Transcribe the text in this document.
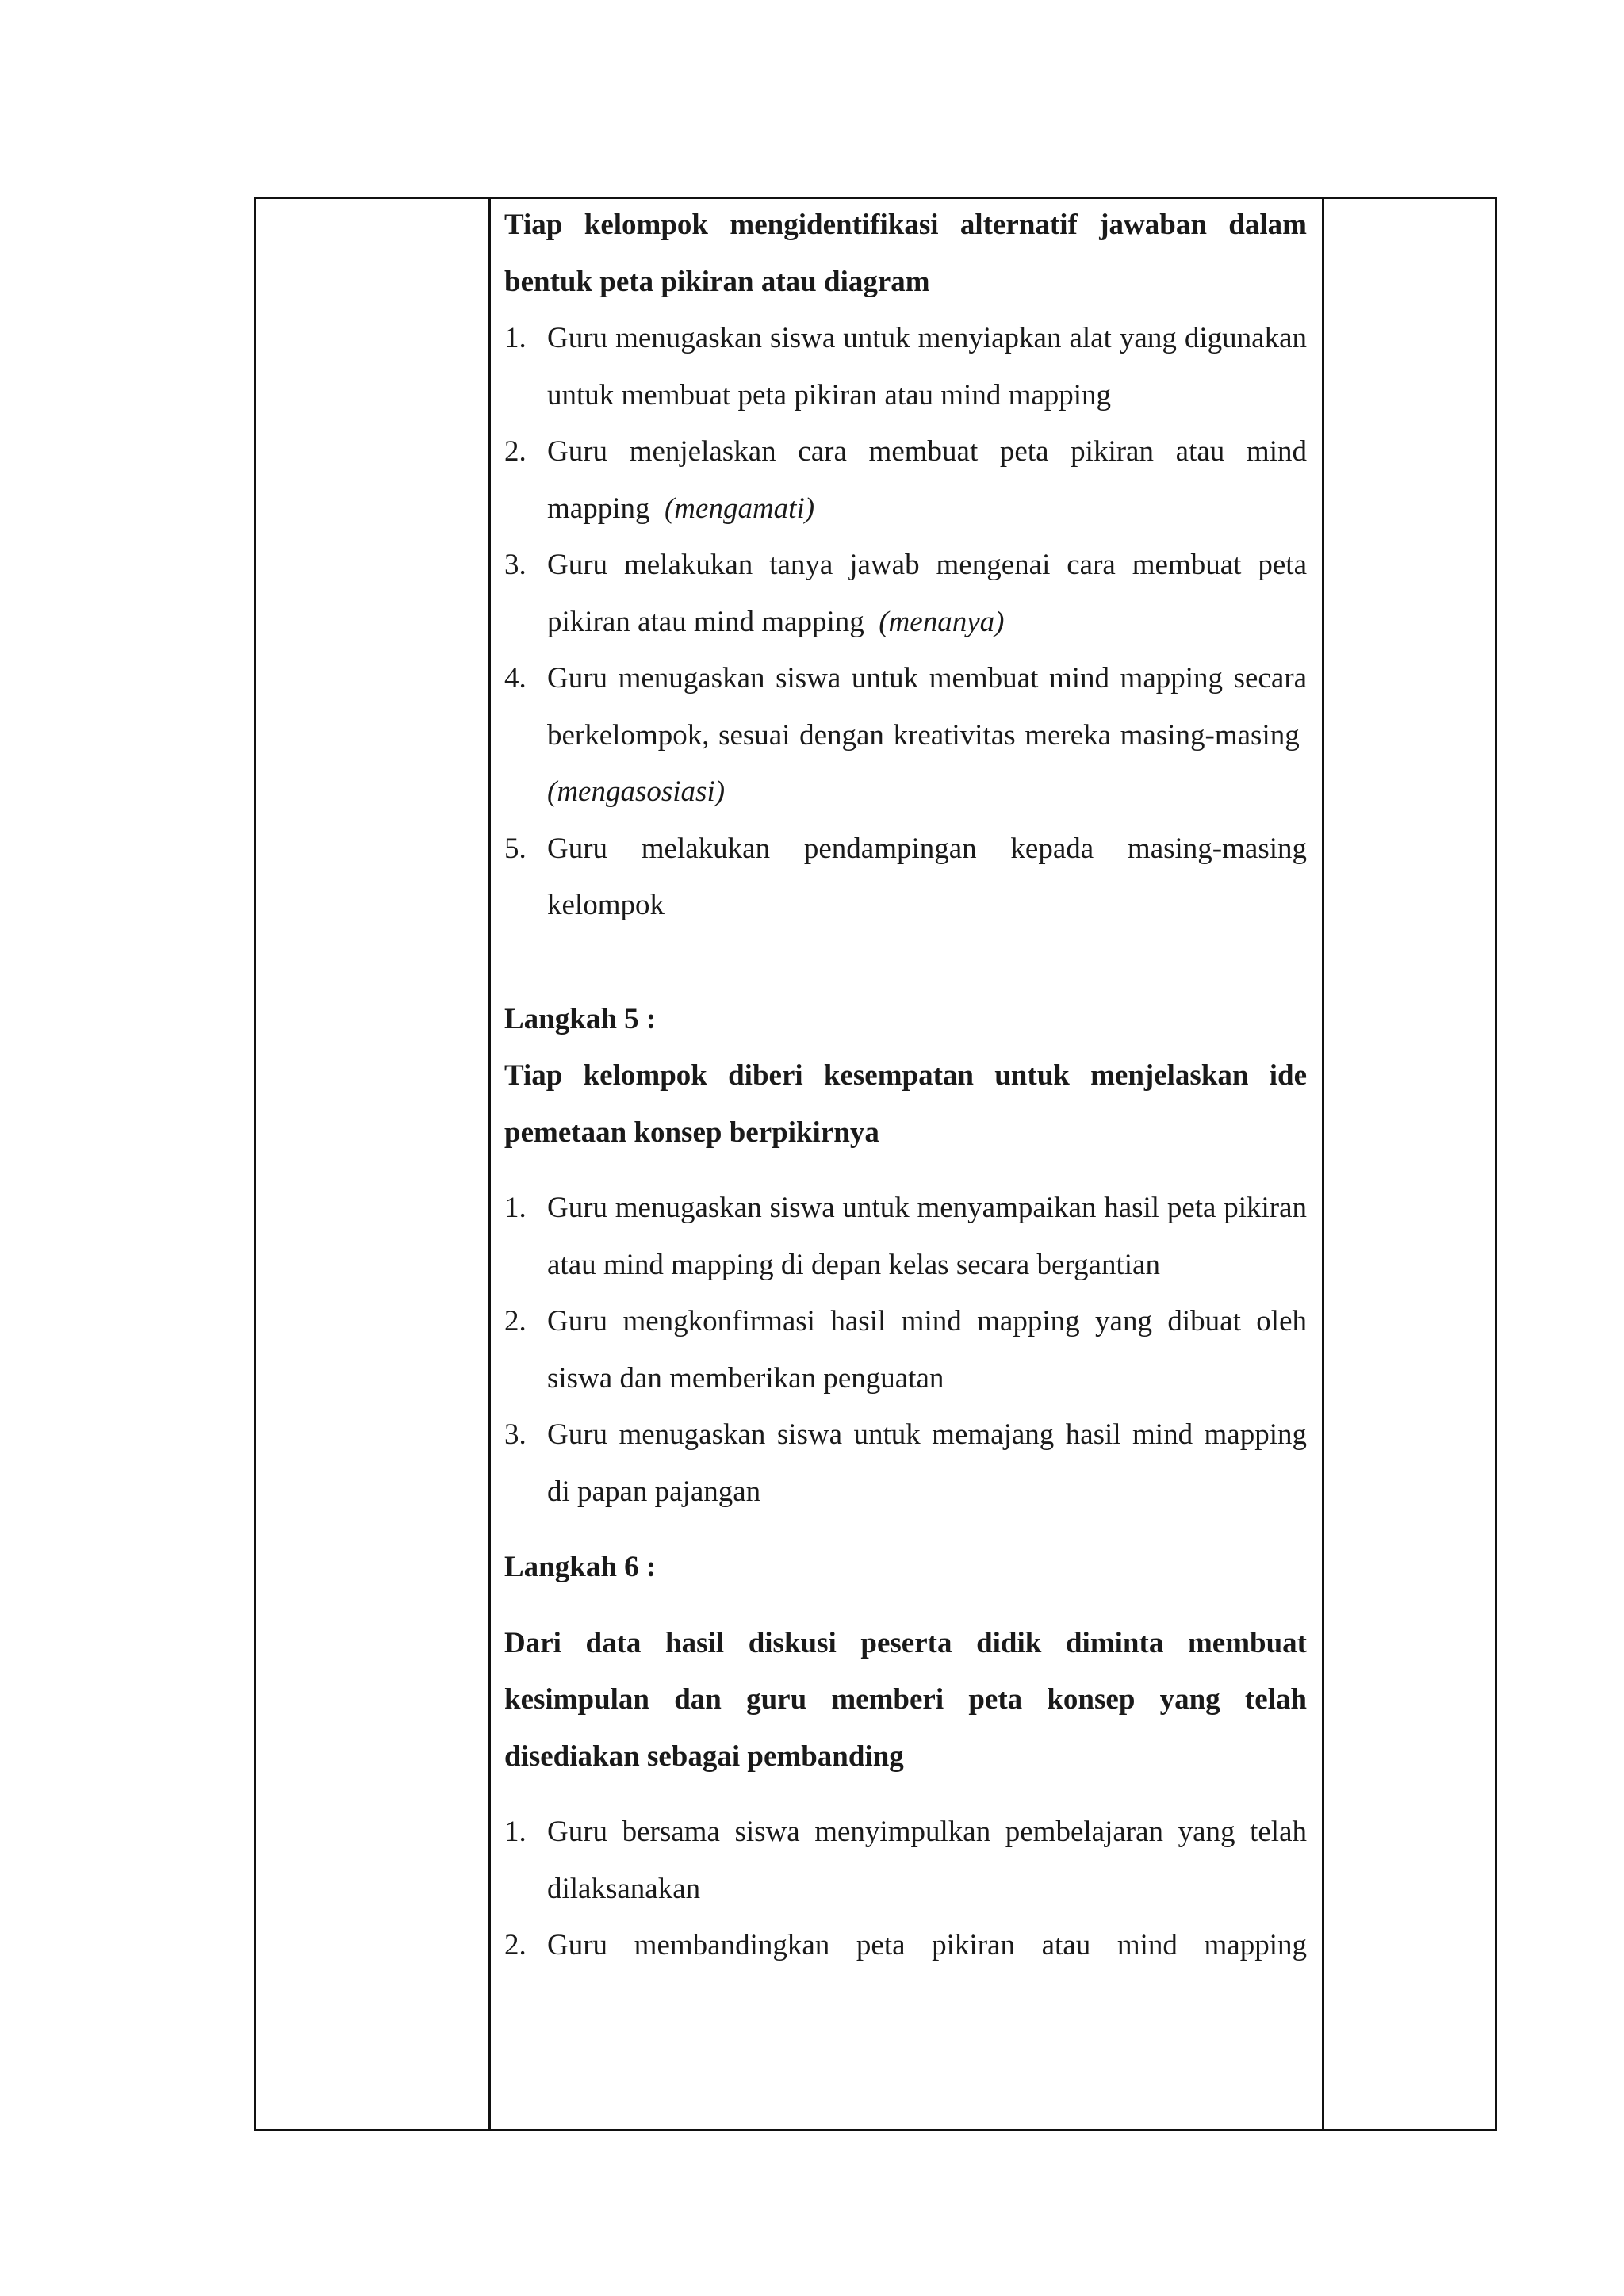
Tiap kelompok mengidentifikasi alternatif jawaban dalam bentuk peta pikiran atau diagram

1. Guru menugaskan siswa untuk menyiapkan alat yang digunakan untuk membuat peta pikiran atau mind mapping
2. Guru menjelaskan cara membuat peta pikiran atau mind mapping (mengamati)
3. Guru melakukan tanya jawab mengenai cara membuat peta pikiran atau mind mapping (menanya)
4. Guru menugaskan siswa untuk membuat mind mapping secara berkelompok, sesuai dengan kreativitas mereka masing-masing  (mengasosiasi)
5. Guru melakukan pendampingan kepada masing-masing kelompok

Langkah 5 :

Tiap kelompok diberi kesempatan untuk menjelaskan ide pemetaan konsep berpikirnya

1. Guru menugaskan siswa untuk menyampaikan hasil peta pikiran atau mind mapping di depan kelas secara bergantian
2. Guru mengkonfirmasi hasil mind mapping yang dibuat oleh siswa dan memberikan penguatan
3. Guru menugaskan siswa untuk memajang hasil mind mapping di papan pajangan

Langkah 6 :

Dari data hasil diskusi peserta didik diminta membuat kesimpulan dan guru memberi peta konsep yang telah disediakan sebagai pembanding

1. Guru bersama siswa menyimpulkan pembelajaran yang telah dilaksanakan
2. Guru membandingkan peta pikiran atau mind mapping
